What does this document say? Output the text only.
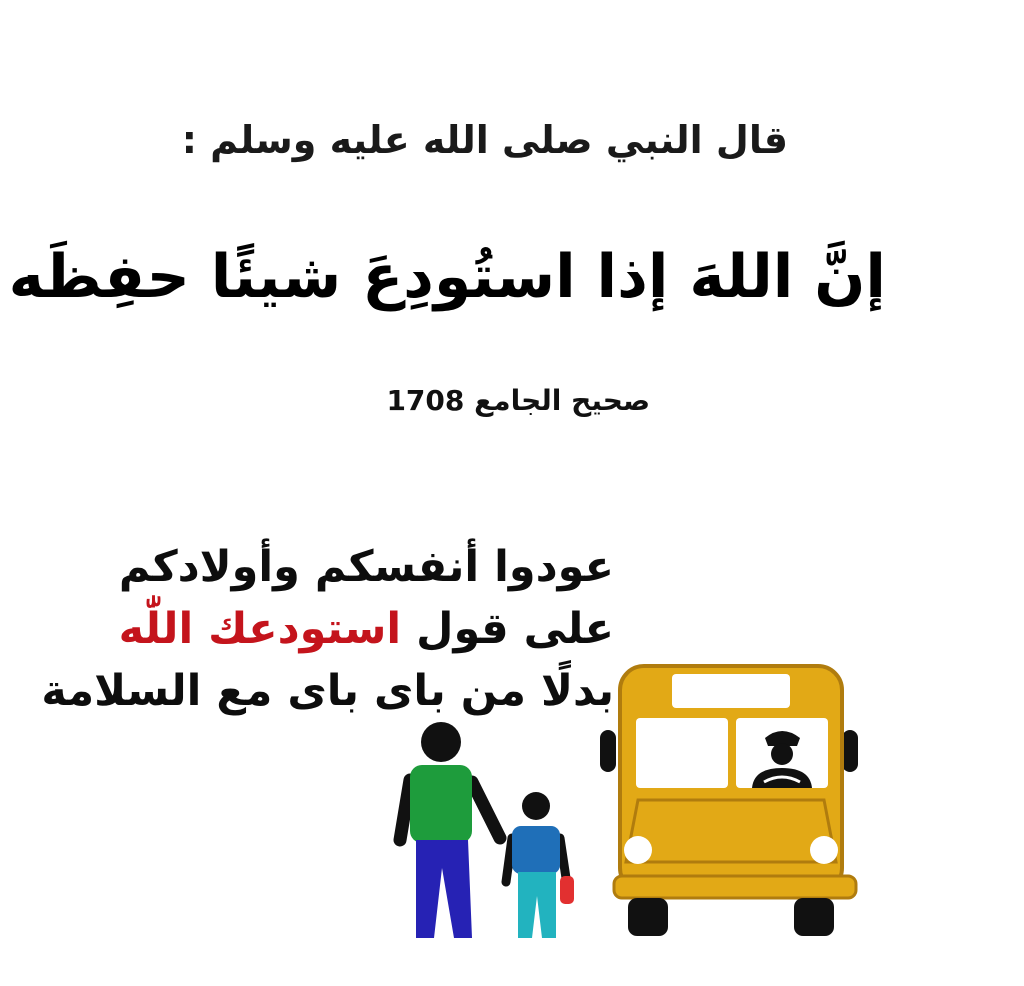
قال النبي صلى الله عليه وسلم :
إنَّ اللهَ إذا استُودِعَ شيئًا حفِظَه
صحيح الجامع 1708
عودوا أنفسكم وأولادكم
على قول استودعك اللّٰه
بدلًا من باى باى مع السلامة
